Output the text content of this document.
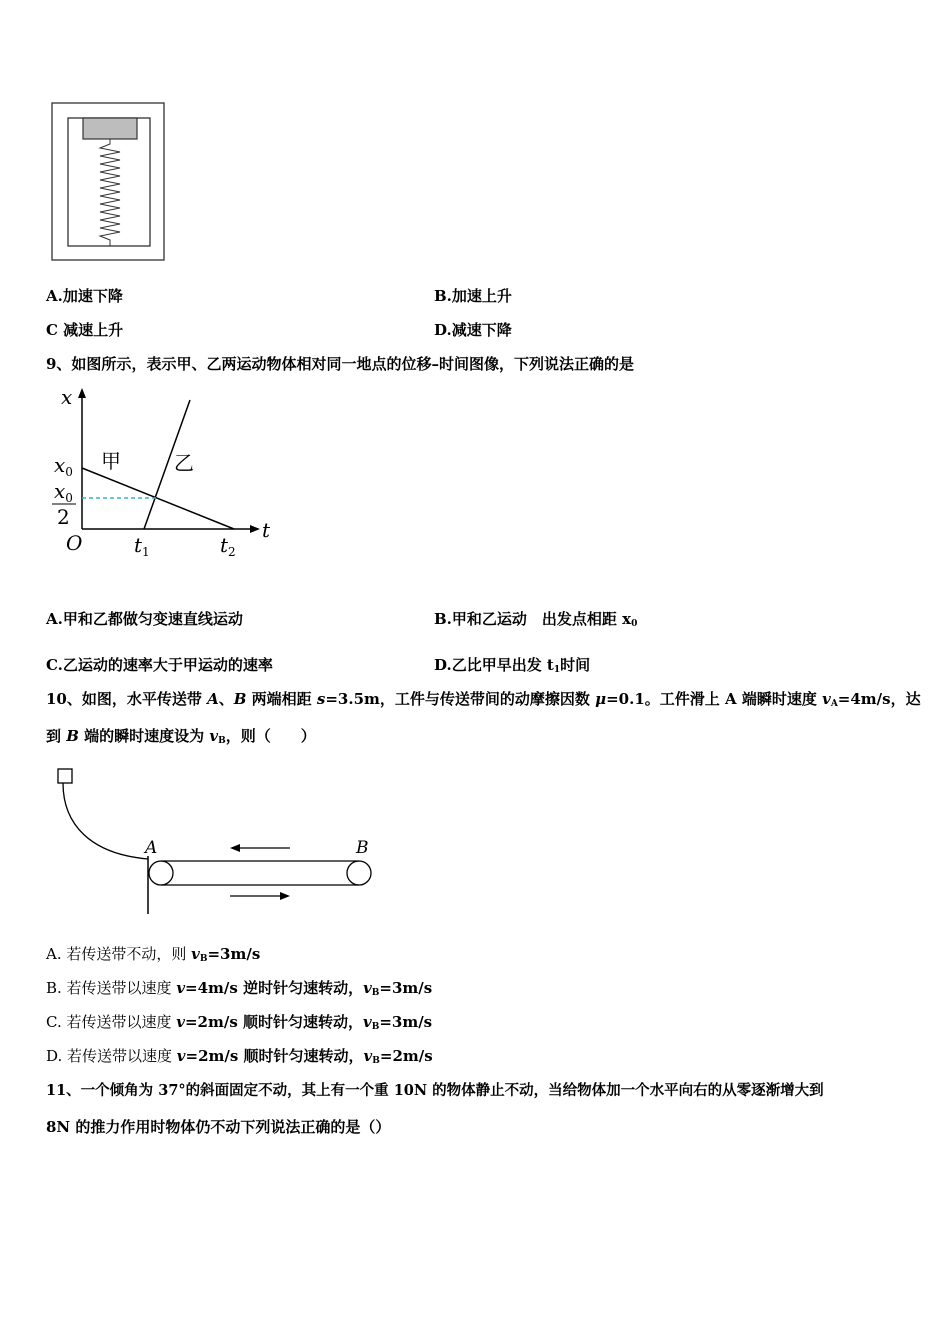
A.加速下降	B.加速上升
C 减速上升	D.减速下降
9、如图所示，表示甲、乙两运动物体相对同一地点的位移–时间图像，下列说法正确的是
x
t
O
$x_0$
$x_0$
2
$t_1$	$t_2$
甲	乙
A.甲和乙都做匀变速直线运动	B.甲和乙运动　出发点相距 $x_0$
C.乙运动的速率大于甲运动的速率	D.乙比甲早出发 $t_1$时间
10、如图，水平传送带 A、B 两端相距 s=3.5m，工件与传送带间的动摩擦因数 μ=0.1。工件滑上 A 端瞬时速度 $v_A=4m/s$，达
到 B 端的瞬时速度设为 $v_B$，则（　　）
A	B
A. 若传送带不动，则 $v_B=3m/s$
B. 若传送带以速度 v=4m/s 逆时针匀速转动，$v_B=3m/s$
C. 若传送带以速度 v=2m/s 顺时针匀速转动，$v_B=3m/s$
D. 若传送带以速度 v=2m/s 顺时针匀速转动，$v_B=2m/s$
11、一个倾角为 37°的斜面固定不动，其上有一个重 10N 的物体静止不动，当给物体加一个水平向右的从零逐渐增大到
8N 的推力作用时物体仍不动下列说法正确的是（）
